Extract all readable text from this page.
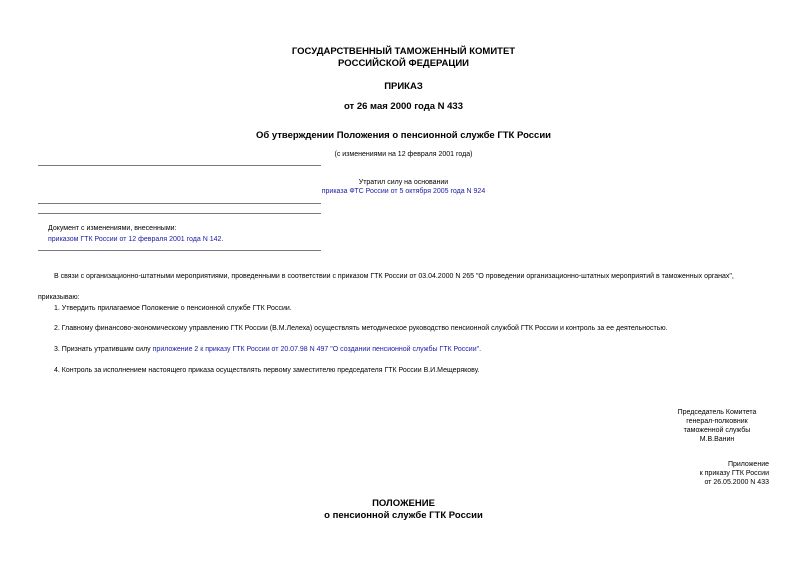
ГОСУДАРСТВЕННЫЙ ТАМОЖЕННЫЙ КОМИТЕТ
РОССИЙСКОЙ ФЕДЕРАЦИИ
ПРИКАЗ
от 26 мая 2000 года N 433
Об утверждении Положения о пенсионной службе ГТК России
(с изменениями на 12 февраля 2001 года)
Утратил силу на основании
приказа ФТС России от 5 октября 2005 года N 924
Документ с изменениями, внесенными:
приказом ГТК России от 12 февраля 2001 года N 142.
В связи с организационно-штатными мероприятиями, проведенными в соответствии с приказом ГТК России от 03.04.2000 N 265 "О проведении организационно-штатных мероприятий в таможенных органах",
приказываю:
1. Утвердить прилагаемое Положение о пенсионной службе ГТК России.
2. Главному финансово-экономическому управлению ГТК России (В.М.Лелеха) осуществлять методическое руководство пенсионной службой ГТК России и контроль за ее деятельностью.
3. Признать утратившим силу приложение 2 к приказу ГТК России от 20.07.98 N 497 "О создании пенсионной службы ГТК России".
4. Контроль за исполнением настоящего приказа осуществлять первому заместителю председателя ГТК России В.И.Мещерякову.
Председатель Комитета
генерал-полковник
таможенной службы
М.В.Ванин
Приложение
к приказу ГТК России
от 26.05.2000 N 433
ПОЛОЖЕНИЕ
о пенсионной службе ГТК России
